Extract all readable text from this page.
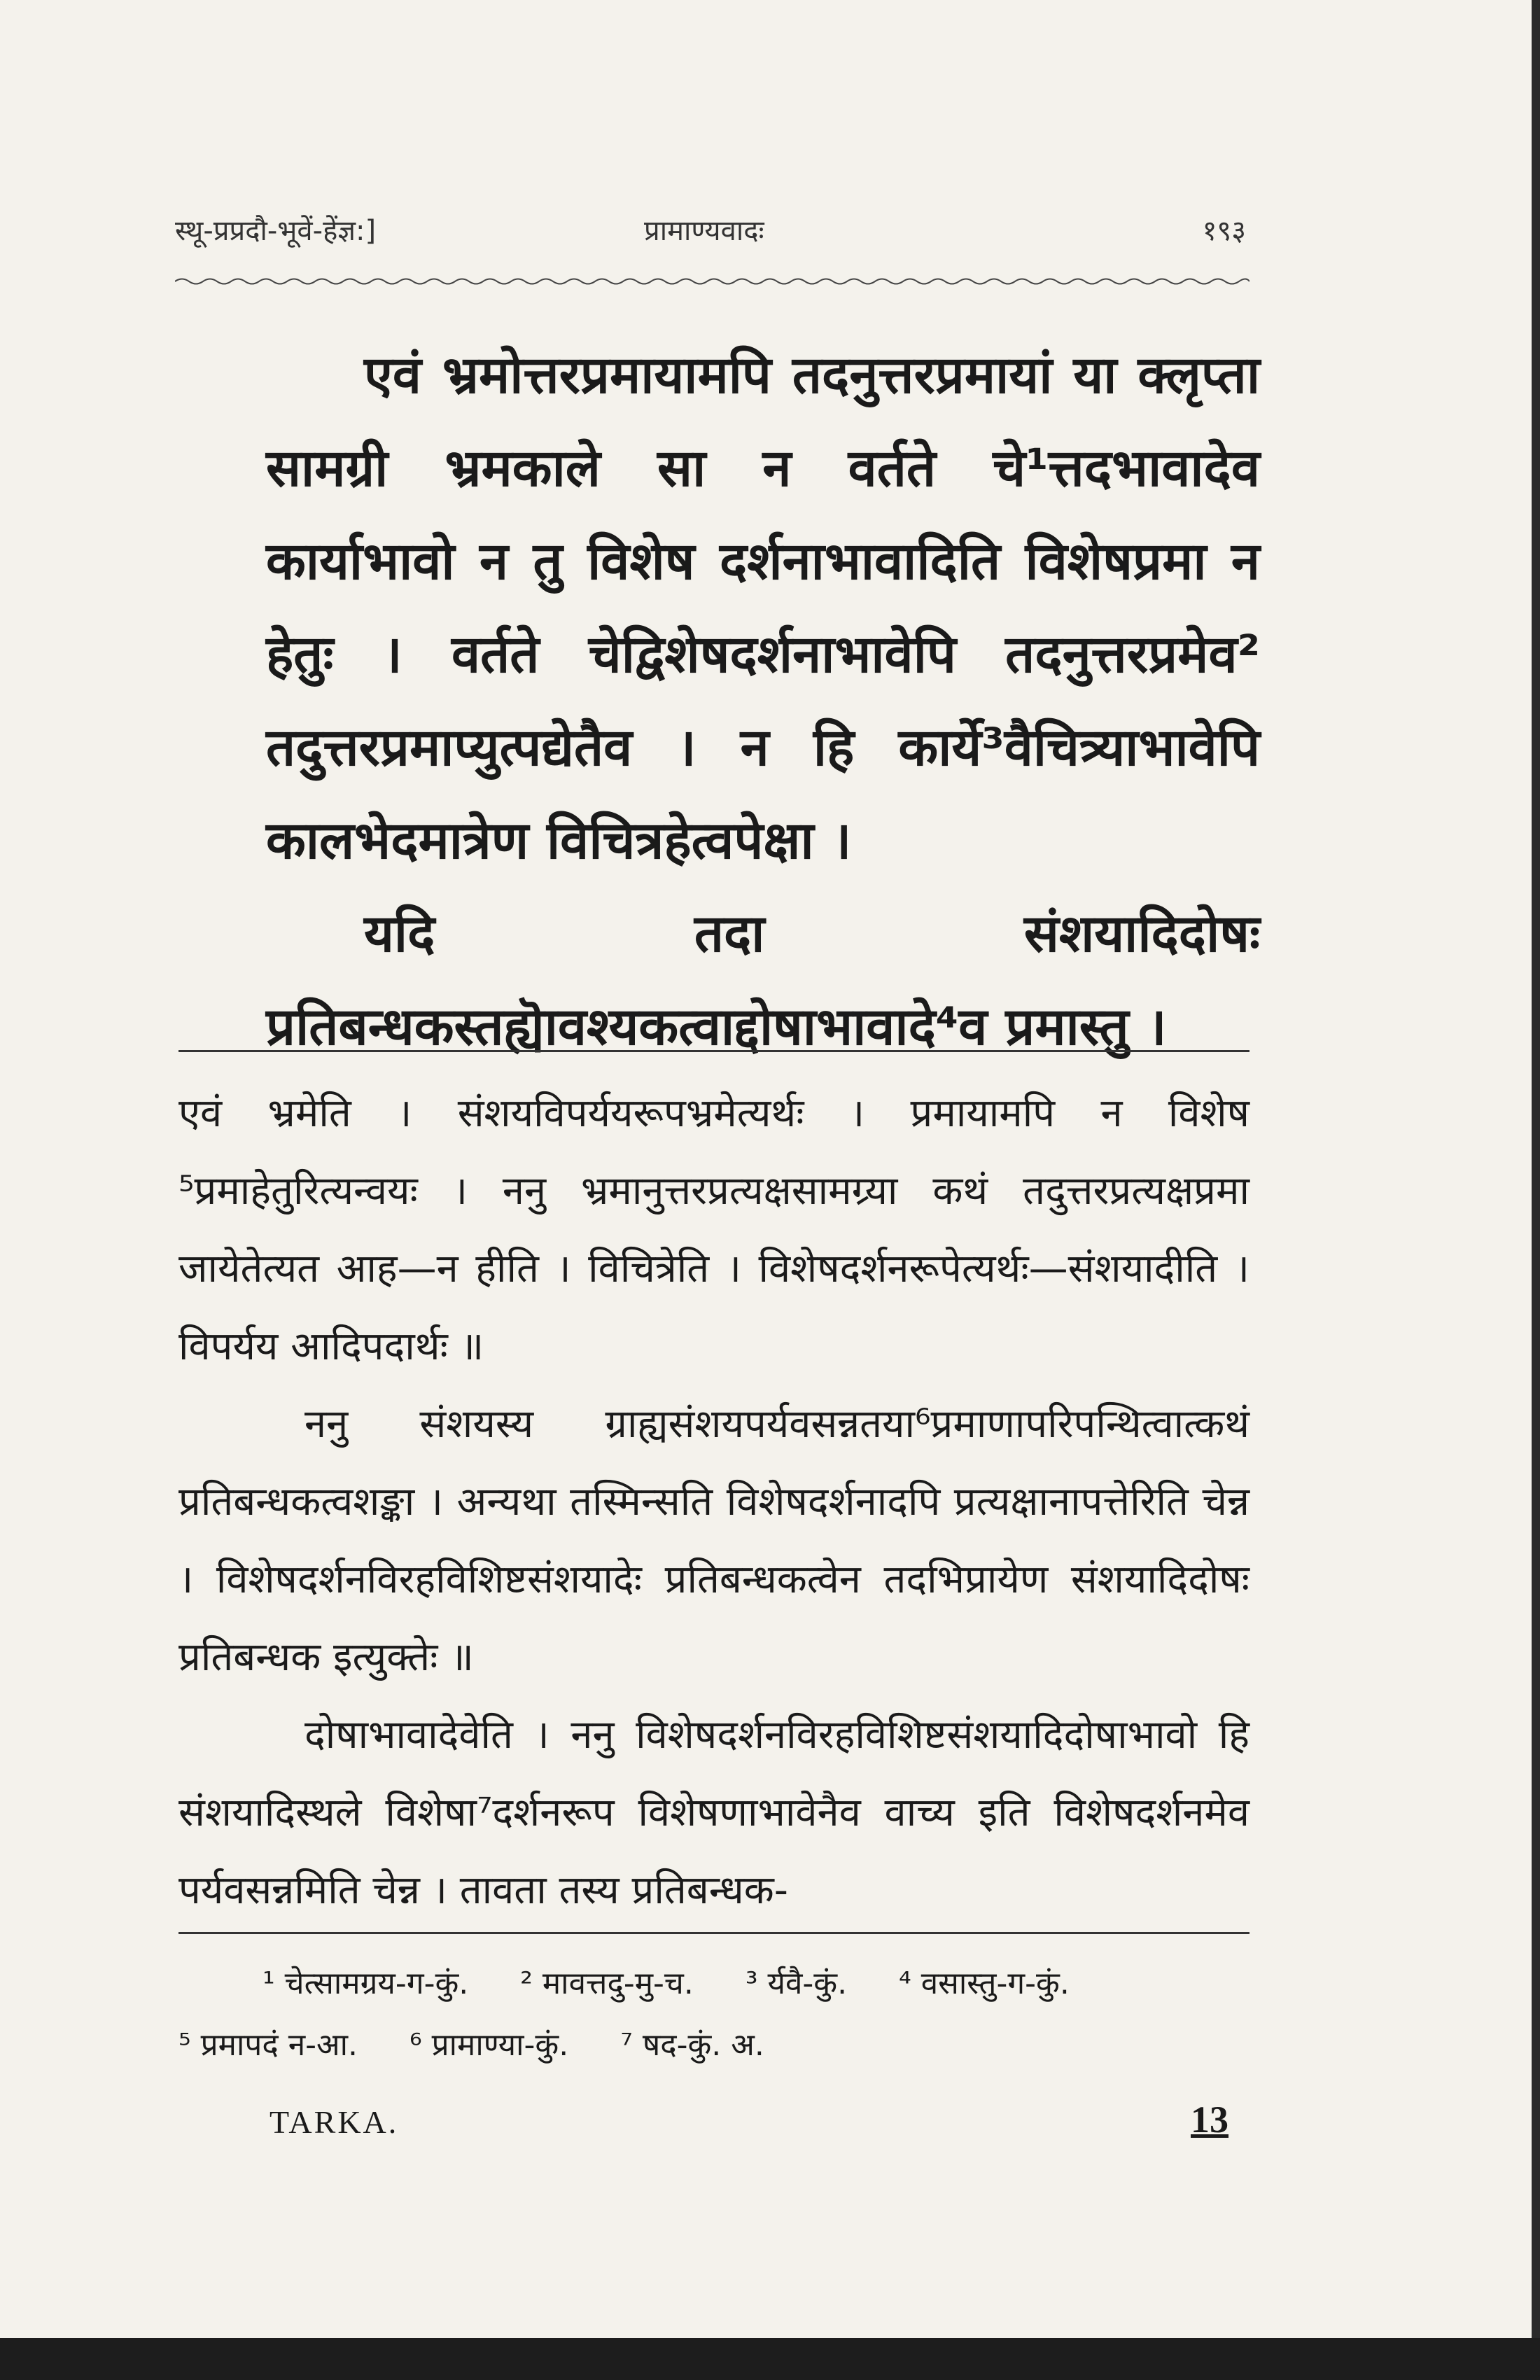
स्थू-प्रप्रदौ-भूवें-हेंज्ञ:]	प्रामाण्यवादः	१९३

एवं भ्रमोत्तरप्रमायामपि तदनुत्तरप्रमायां या क्लृप्ता सामग्री भ्रमकाले सा न वर्तते चे¹त्तदभावादेव कार्याभावो न तु विशेष दर्शनाभावादिति विशेषप्रमा न हेतुः । वर्तते चेद्विशेषदर्शनाभावेपि तदनुत्तरप्रमेव² तदुत्तरप्रमाप्युत्पद्येतैव । न हि कार्ये³वैचित्र्याभावेपि कालभेदमात्रेण विचित्रहेत्वपेक्षा ।

यदि तदा संशयादिदोषः प्रतिबन्धकस्तह्यॆावश्यकत्वाद्दोषाभावादे⁴व प्रमास्तु ।

एवं भ्रमेति । संशयविपर्ययरूपभ्रमेत्यर्थः । प्रमायामपि न विशेष ⁵प्रमाहेतुरित्यन्वयः । ननु भ्रमानुत्तरप्रत्यक्षसामग्र्या कथं तदुत्तरप्रत्यक्षप्रमा जायेतेत्यत आह—न हीति । विचित्रेति । विशेषदर्शनरूपेत्यर्थः—संशयादीति । विपर्यय आदिपदार्थः ॥

ननु संशयस्य ग्राह्यसंशयपर्यवसन्नतया⁶प्रमाणापरिपन्थित्वात्कथं प्रतिबन्धकत्वशङ्का । अन्यथा तस्मिन्सति विशेषदर्शनादपि प्रत्यक्षानापत्तेरिति चेन्न । विशेषदर्शनविरहविशिष्टसंशयादेः प्रतिबन्धकत्वेन तदभिप्रायेण संशयादिदोषः प्रतिबन्धक इत्युक्तेः ॥

दोषाभावादेवेति । ननु विशेषदर्शनविरहविशिष्टसंशयादिदोषाभावो हि संशयादिस्थले विशेषा⁷दर्शनरूप विशेषणाभावेनैव वाच्य इति विशेषदर्शनमेव पर्यवसन्नमिति चेन्न । तावता तस्य प्रतिबन्धक-

¹ चेत्सामग्रय-ग-कुं. ² मावत्तदु-मु-च. ³ र्यवै-कुं. ⁴ वसास्तु-ग-कुं.

⁵ प्रमापदं न-आ. ⁶ प्रामाण्या-कुं. ⁷ षद-कुं. अ.

TARKA.	13
